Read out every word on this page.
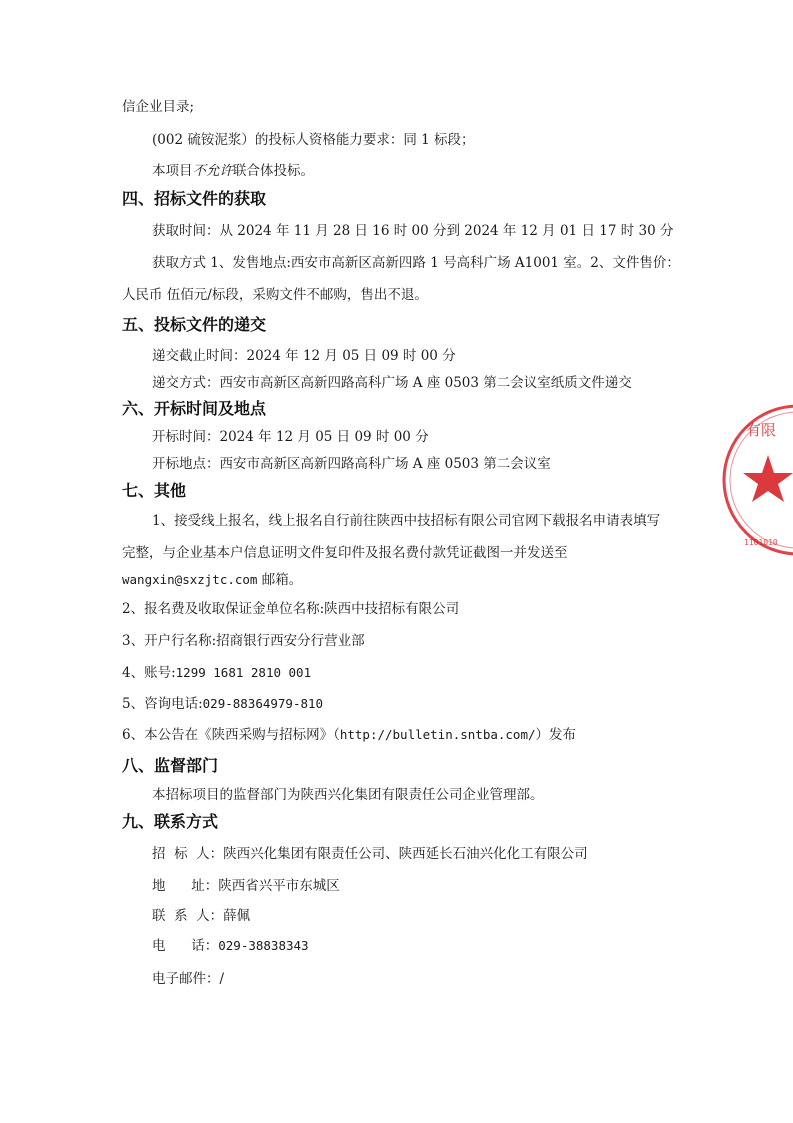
信企业目录;
(002 硫铵泥浆）的投标人资格能力要求：同 1 标段；
本项目不允许联合体投标。
四、招标文件的获取
获取时间：从 2024 年 11 月 28 日 16 时 00 分到 2024 年 12 月 01 日 17 时 30 分
获取方式 1、发售地点:西安市高新区高新四路 1 号高科广场 A1001 室。2、文件售价：
人民币 伍佰元/标段，采购文件不邮购，售出不退。
五、投标文件的递交
递交截止时间：2024 年 12 月 05 日 09 时 00 分
递交方式：西安市高新区高新四路高科广场 A 座 0503 第二会议室纸质文件递交
六、开标时间及地点
开标时间：2024 年 12 月 05 日 09 时 00 分
开标地点：西安市高新区高新四路高科广场 A 座 0503 第二会议室
七、其他
1、接受线上报名，线上报名自行前往陕西中技招标有限公司官网下载报名申请表填写
完整，与企业基本户信息证明文件复印件及报名费付款凭证截图一并发送至
wangxin@sxzjtc.com 邮箱。
2、报名费及收取保证金单位名称:陕西中技招标有限公司
3、开户行名称:招商银行西安分行营业部
4、账号:1299 1681 2810 001
5、咨询电话:029-88364979-810
6、本公告在《陕西采购与招标网》（http://bulletin.sntba.com/）发布
八、监督部门
本招标项目的监督部门为陕西兴化集团有限责任公司企业管理部。
九、联系方式
招  标  人：陕西兴化集团有限责任公司、陕西延长石油兴化化工有限公司
地      址：陕西省兴平市东城区
联  系  人：薛佩
电      话：029-38838343
电子邮件：/
有限
1101010
